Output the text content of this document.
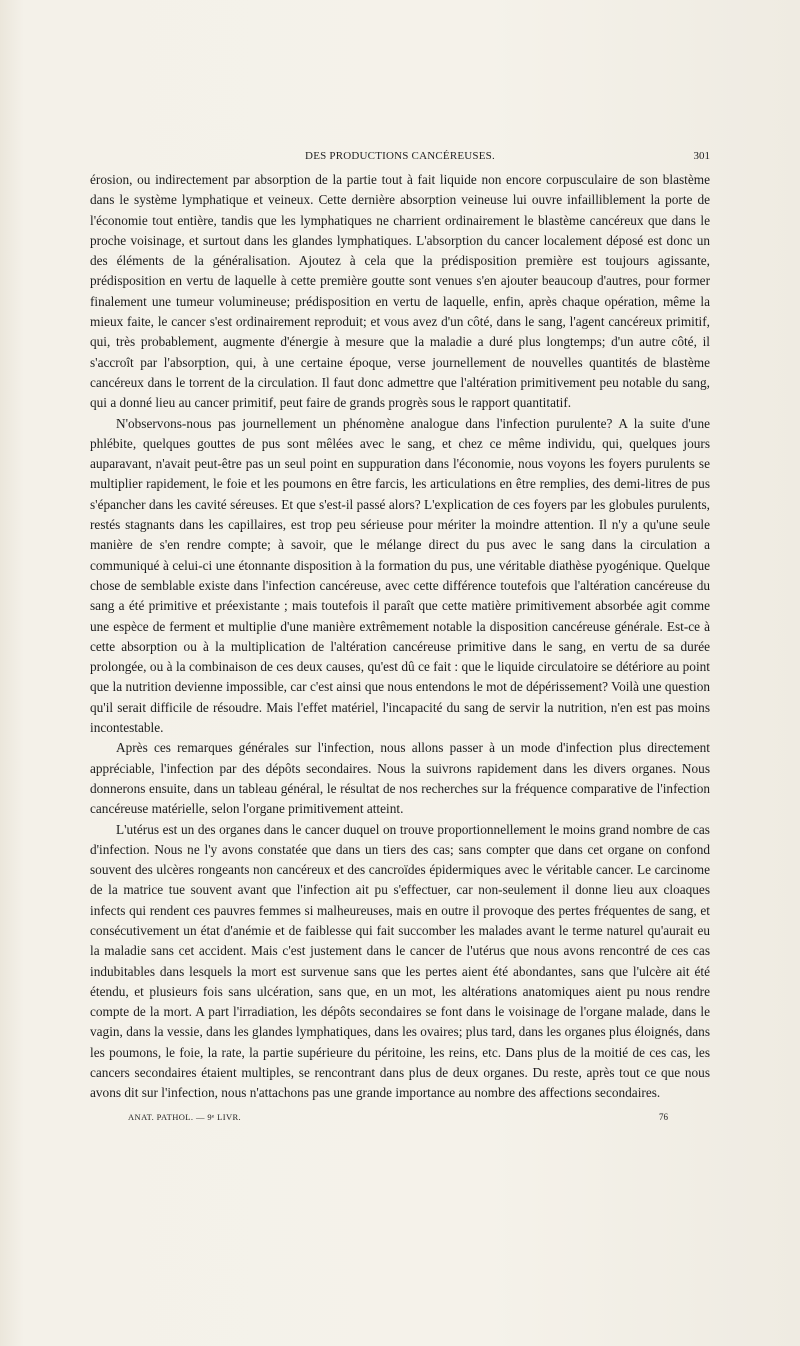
DES PRODUCTIONS CANCÉREUSES.	301

érosion, ou indirectement par absorption de la partie tout à fait liquide non encore corpusculaire de son blastème dans le système lymphatique et veineux. Cette dernière absorption veineuse lui ouvre infailliblement la porte de l'économie tout entière, tandis que les lymphatiques ne charrient ordinairement le blastème cancéreux que dans le proche voisinage, et surtout dans les glandes lymphatiques. L'absorption du cancer localement déposé est donc un des éléments de la généralisation. Ajoutez à cela que la prédisposition première est toujours agissante, prédisposition en vertu de laquelle à cette première goutte sont venues s'en ajouter beaucoup d'autres, pour former finalement une tumeur volumineuse; prédisposition en vertu de laquelle, enfin, après chaque opération, même la mieux faite, le cancer s'est ordinairement reproduit; et vous avez d'un côté, dans le sang, l'agent cancéreux primitif, qui, très probablement, augmente d'énergie à mesure que la maladie a duré plus longtemps; d'un autre côté, il s'accroît par l'absorption, qui, à une certaine époque, verse journellement de nouvelles quantités de blastème cancéreux dans le torrent de la circulation. Il faut donc admettre que l'altération primitivement peu notable du sang, qui a donné lieu au cancer primitif, peut faire de grands progrès sous le rapport quantitatif.

N'observons-nous pas journellement un phénomène analogue dans l'infection purulente? A la suite d'une phlébite, quelques gouttes de pus sont mêlées avec le sang, et chez ce même individu, qui, quelques jours auparavant, n'avait peut-être pas un seul point en suppuration dans l'économie, nous voyons les foyers purulents se multiplier rapidement, le foie et les poumons en être farcis, les articulations en être remplies, des demi-litres de pus s'épancher dans les cavité séreuses. Et que s'est-il passé alors? L'explication de ces foyers par les globules purulents, restés stagnants dans les capillaires, est trop peu sérieuse pour mériter la moindre attention. Il n'y a qu'une seule manière de s'en rendre compte; à savoir, que le mélange direct du pus avec le sang dans la circulation a communiqué à celui-ci une étonnante disposition à la formation du pus, une véritable diathèse pyogénique. Quelque chose de semblable existe dans l'infection cancéreuse, avec cette différence toutefois que l'altération cancéreuse du sang a été primitive et préexistante ; mais toutefois il paraît que cette matière primitivement absorbée agit comme une espèce de ferment et multiplie d'une manière extrêmement notable la disposition cancéreuse générale. Est-ce à cette absorption ou à la multiplication de l'altération cancéreuse primitive dans le sang, en vertu de sa durée prolongée, ou à la combinaison de ces deux causes, qu'est dû ce fait : que le liquide circulatoire se détériore au point que la nutrition devienne impossible, car c'est ainsi que nous entendons le mot de dépérissement? Voilà une question qu'il serait difficile de résoudre. Mais l'effet matériel, l'incapacité du sang de servir la nutrition, n'en est pas moins incontestable.

Après ces remarques générales sur l'infection, nous allons passer à un mode d'infection plus directement appréciable, l'infection par des dépôts secondaires. Nous la suivrons rapidement dans les divers organes. Nous donnerons ensuite, dans un tableau général, le résultat de nos recherches sur la fréquence comparative de l'infection cancéreuse matérielle, selon l'organe primitivement atteint.

L'utérus est un des organes dans le cancer duquel on trouve proportionnellement le moins grand nombre de cas d'infection. Nous ne l'y avons constatée que dans un tiers des cas; sans compter que dans cet organe on confond souvent des ulcères rongeants non cancéreux et des cancroïdes épidermiques avec le véritable cancer. Le carcinome de la matrice tue souvent avant que l'infection ait pu s'effectuer, car non-seulement il donne lieu aux cloaques infects qui rendent ces pauvres femmes si malheureuses, mais en outre il provoque des pertes fréquentes de sang, et consécutivement un état d'anémie et de faiblesse qui fait succomber les malades avant le terme naturel qu'aurait eu la maladie sans cet accident. Mais c'est justement dans le cancer de l'utérus que nous avons rencontré de ces cas indubitables dans lesquels la mort est survenue sans que les pertes aient été abondantes, sans que l'ulcère ait été étendu, et plusieurs fois sans ulcération, sans que, en un mot, les altérations anatomiques aient pu nous rendre compte de la mort. A part l'irradiation, les dépôts secondaires se font dans le voisinage de l'organe malade, dans le vagin, dans la vessie, dans les glandes lymphatiques, dans les ovaires; plus tard, dans les organes plus éloignés, dans les poumons, le foie, la rate, la partie supérieure du péritoine, les reins, etc. Dans plus de la moitié de ces cas, les cancers secondaires étaient multiples, se rencontrant dans plus de deux organes. Du reste, après tout ce que nous avons dit sur l'infection, nous n'attachons pas une grande importance au nombre des affections secondaires.

ANAT. PATHOL. — 9ᵉ LIVR.	76
